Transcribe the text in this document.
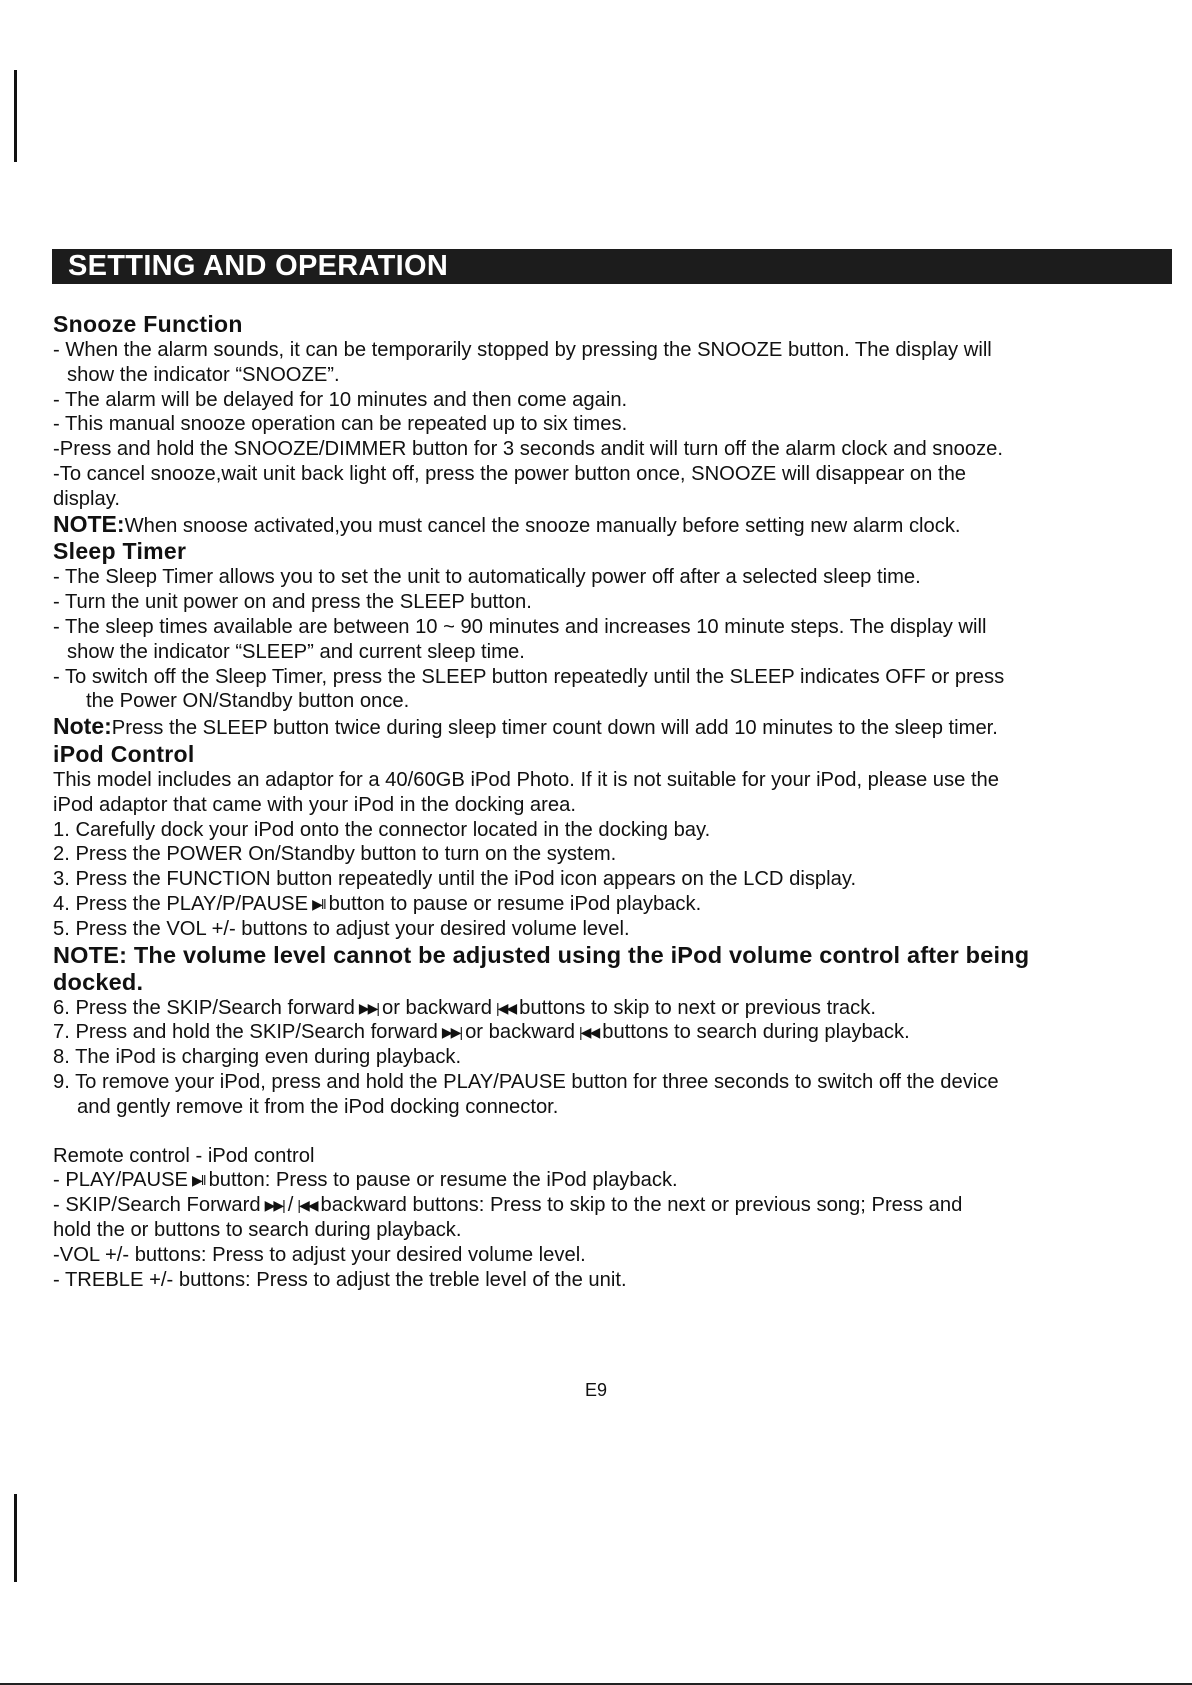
SETTING AND OPERATION

Snooze Function

- When the alarm sounds, it can be temporarily stopped by pressing the SNOOZE button. The display will

show the indicator “SNOOZE”.

- The alarm will be delayed for 10 minutes and then come again.

- This manual snooze operation can be repeated up to six times.

-Press and hold the SNOOZE/DIMMER button for 3 seconds andit will turn off the alarm clock and snooze.

-To cancel snooze,wait unit back light off, press the power button once, SNOOZE will disappear on the

display.

NOTE:When snoose activated,you must cancel the snooze manually before setting new alarm clock.

Sleep Timer

- The Sleep Timer allows you to set the unit to automatically power off after a selected sleep time.

- Turn the unit power on and press the SLEEP button.

- The sleep times available are between 10 ~ 90 minutes and increases 10 minute steps. The display will

show the indicator “SLEEP” and current sleep time.

- To switch off the Sleep Timer, press the SLEEP button repeatedly until the SLEEP indicates OFF or press

the Power ON/Standby button once.

Note:Press the SLEEP button twice during sleep timer count down will add 10 minutes to the sleep timer.

iPod Control

This model includes an adaptor for a 40/60GB iPod Photo. If it is not suitable for your iPod, please use the

iPod adaptor that came with your iPod in the docking area.

1. Carefully dock your iPod onto the connector located in the docking bay.

2. Press the POWER On/Standby button to turn on the system.

3. Press the FUNCTION button repeatedly until the iPod icon appears on the LCD display.

4. Press the PLAY/P/PAUSE ▶‖ button to pause or resume iPod playback.

5. Press the VOL +/- buttons to adjust your desired volume level.

NOTE: The volume level cannot be adjusted using the iPod volume control after being

docked.

6. Press the SKIP/Search forward ▶▶| or backward |◀◀ buttons to skip to next or previous track.

7. Press and hold the SKIP/Search forward ▶▶| or backward |◀◀ buttons to search during playback.

8. The iPod is charging even during playback.

9. To remove your iPod, press and hold the PLAY/PAUSE button for three seconds to switch off the device

and gently remove it from the iPod docking connector.

Remote control - iPod control

- PLAY/PAUSE ▶‖ button: Press to pause or resume the iPod playback.

- SKIP/Search Forward ▶▶| / |◀◀ backward buttons: Press to skip to the next or previous song; Press and

hold the or buttons to search during playback.

-VOL +/- buttons: Press to adjust your desired volume level.

- TREBLE +/- buttons: Press to adjust the treble level of the unit.

E9
